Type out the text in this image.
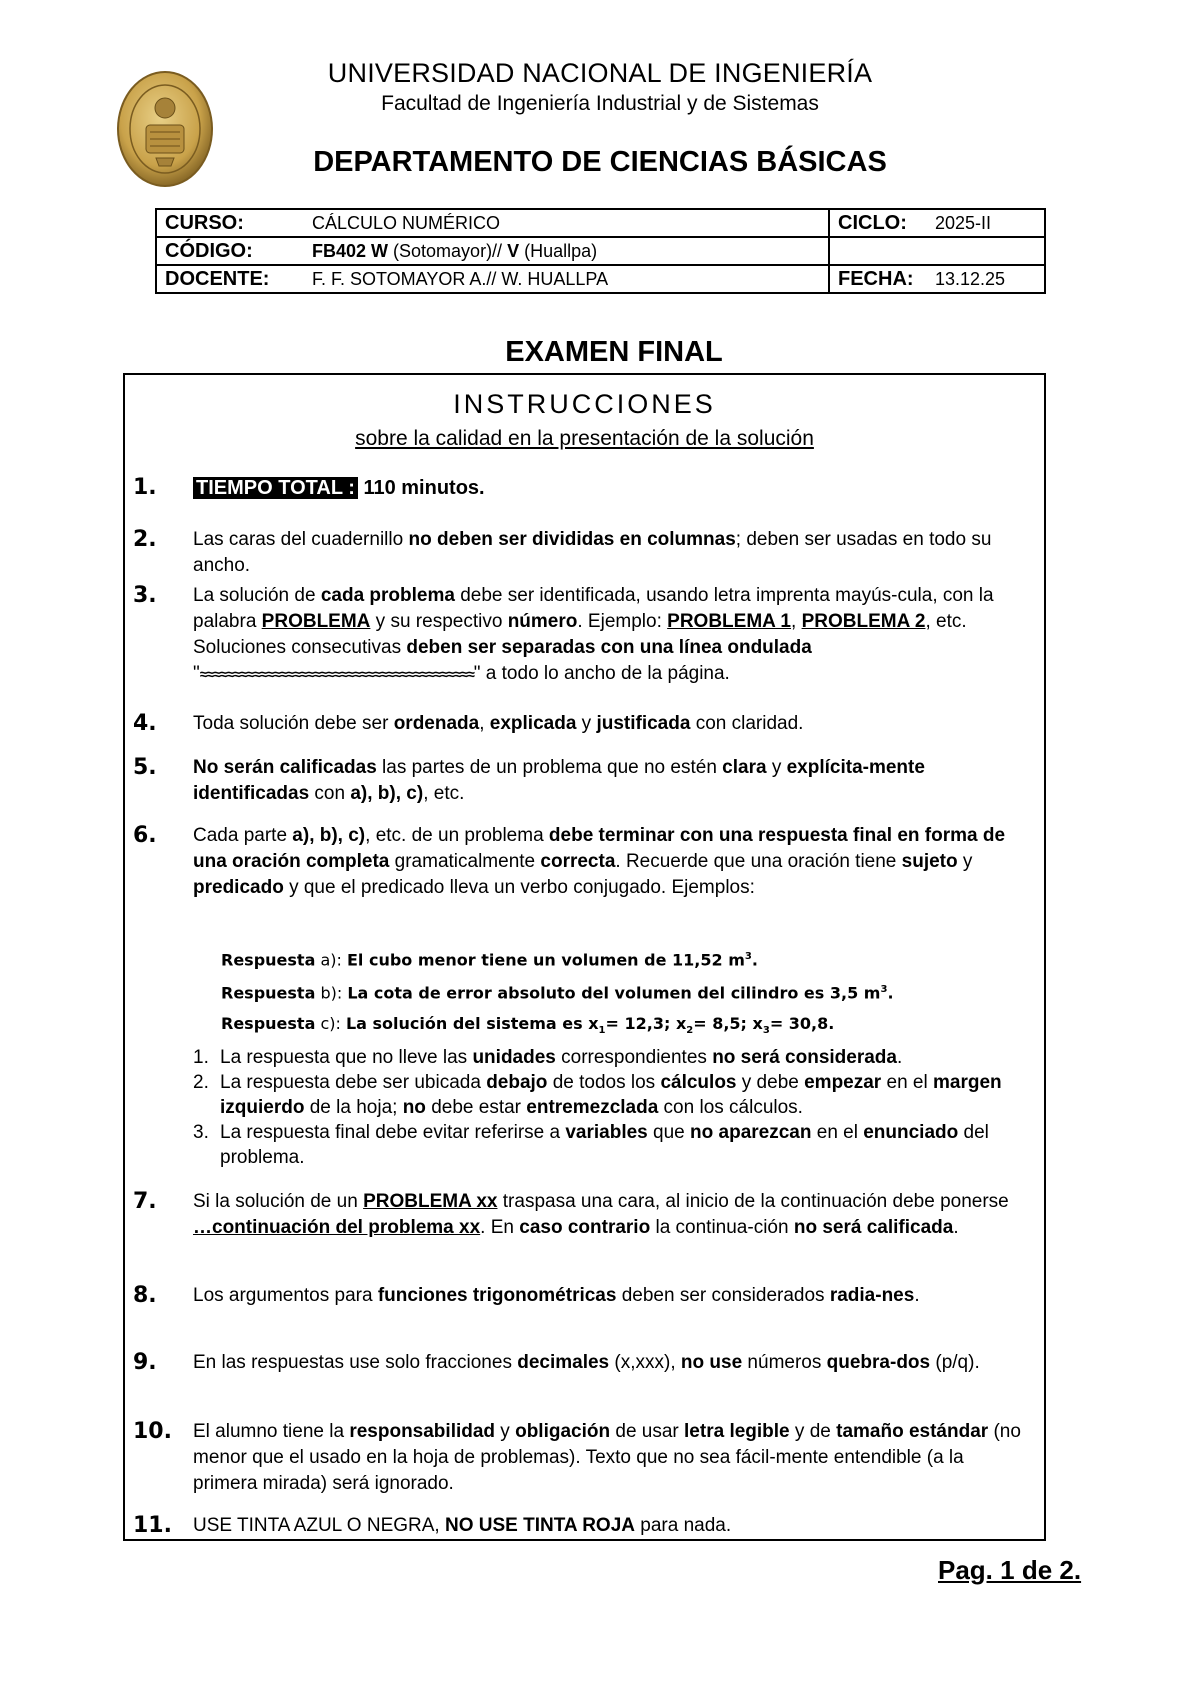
UNIVERSIDAD NACIONAL DE INGENIERÍA
Facultad de Ingeniería Industrial y de Sistemas
DEPARTAMENTO DE CIENCIAS BÁSICAS
CURSO:	CÁLCULO NUMÉRICO	CICLO:	2025-II
CÓDIGO:	FB402 W (Sotomayor)// V (Huallpa)		
DOCENTE:	F. F. SOTOMAYOR A.// W. HUALLPA	FECHA:	13.12.25
EXAMEN FINAL
INSTRUCCIONES
sobre la calidad en la presentación de la solución
1. TIEMPO TOTAL : 110 minutos.
2. Las caras del cuadernillo no deben ser divididas en columnas; deben ser usadas en todo su ancho.
3. La solución de cada problema debe ser identificada, usando letra imprenta mayús-cula, con la palabra PROBLEMA y su respectivo número. Ejemplo: PROBLEMA 1, PROBLEMA 2, etc. Soluciones consecutivas deben ser separadas con una línea ondulada "≈≈≈≈≈≈≈≈≈≈≈≈≈≈≈≈≈≈≈≈≈≈≈≈≈≈≈≈≈≈≈≈≈≈≈≈≈≈≈≈≈" a todo lo ancho de la página.
4. Toda solución debe ser ordenada, explicada y justificada con claridad.
5. No serán calificadas las partes de un problema que no estén clara y explícita-mente identificadas con a), b), c), etc.
6. Cada parte a), b), c), etc. de un problema debe terminar con una respuesta final en forma de una oración completa gramaticalmente correcta. Recuerde que una oración tiene sujeto y predicado y que el predicado lleva un verbo conjugado. Ejemplos:
Respuesta a): El cubo menor tiene un volumen de 11,52 $m^3$.
Respuesta b): La cota de error absoluto del volumen del cilindro es 3,5 $m^3$.
Respuesta c): La solución del sistema es $x_1= 12,3$; $x_2= 8,5$; $x_3= 30,8$.
1. La respuesta que no lleve las unidades correspondientes no será considerada.
2. La respuesta debe ser ubicada debajo de todos los cálculos y debe empezar en el margen izquierdo de la hoja; no debe estar entremezclada con los cálculos.
3. La respuesta final debe evitar referirse a variables que no aparezcan en el enunciado del problema.
7. Si la solución de un PROBLEMA xx traspasa una cara, al inicio de la continuación debe ponerse …continuación del problema xx. En caso contrario la continua-ción no será calificada.
8. Los argumentos para funciones trigonométricas deben ser considerados radia-nes.
9. En las respuestas use solo fracciones decimales (x,xxx), no use números quebra-dos (p/q).
10. El alumno tiene la responsabilidad y obligación de usar letra legible y de tamaño estándar (no menor que el usado en la hoja de problemas). Texto que no sea fácil-mente entendible (a la primera mirada) será ignorado.
11. USE TINTA AZUL O NEGRA, NO USE TINTA ROJA para nada.
Pag. 1 de 2.
